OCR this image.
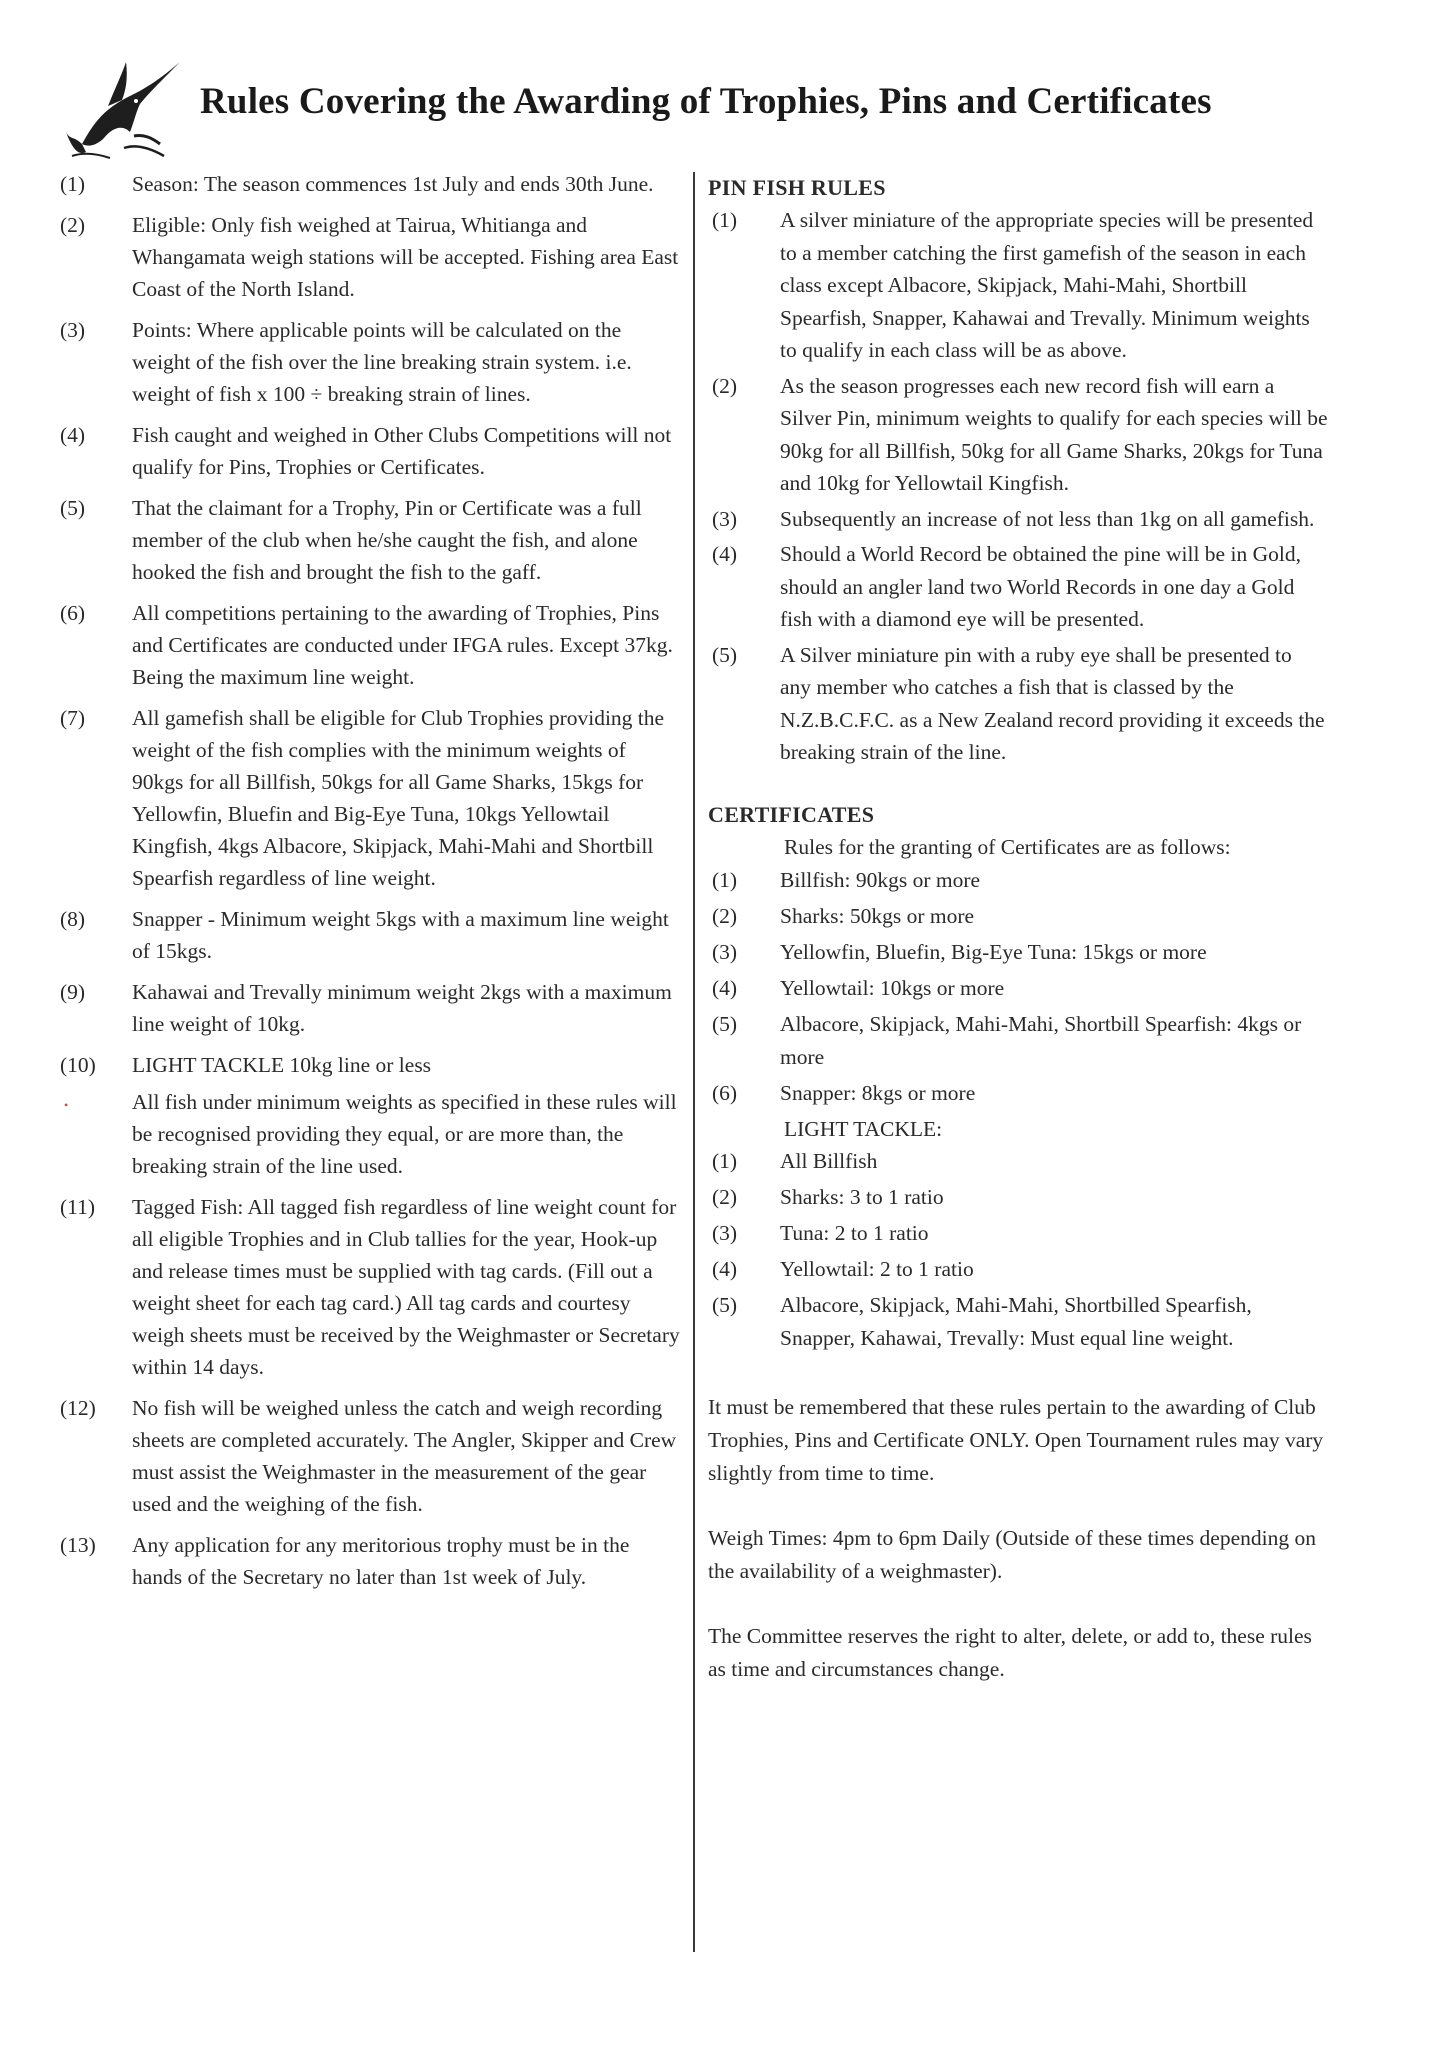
Rules Covering the Awarding of Trophies, Pins and Certificates
(1)	Season: The season commences 1st July and ends 30th June.
(2)	Eligible: Only fish weighed at Tairua, Whitianga and Whangamata weigh stations will be accepted. Fishing area East Coast of the North Island.
(3)	Points: Where applicable points will be calculated on the weight of the fish over the line breaking strain system. i.e. weight of fish x 100 ÷ breaking strain of lines.
(4)	Fish caught and weighed in Other Clubs Competitions will not qualify for Pins, Trophies or Certificates.
(5)	That the claimant for a Trophy, Pin or Certificate was a full member of the club when he/she caught the fish, and alone hooked the fish and brought the fish to the gaff.
(6)	All competitions pertaining to the awarding of Trophies, Pins and Certificates are conducted under IFGA rules. Except 37kg. Being the maximum line weight.
(7)	All gamefish shall be eligible for Club Trophies providing the weight of the fish complies with the minimum weights of 90kgs for all Billfish, 50kgs for all Game Sharks, 15kgs for Yellowfin, Bluefin and Big-Eye Tuna, 10kgs Yellowtail Kingfish, 4kgs Albacore, Skipjack, Mahi-Mahi and Shortbill Spearfish regardless of line weight.
(8)	Snapper - Minimum weight 5kgs with a maximum line weight of 15kgs.
(9)	Kahawai and Trevally minimum weight 2kgs with a maximum line weight of 10kg.
(10)	LIGHT TACKLE 10kg line or less
•	All fish under minimum weights as specified in these rules will be recognised providing they equal, or are more than, the breaking strain of the line used.
(11)	Tagged Fish: All tagged fish regardless of line weight count for all eligible Trophies and in Club tallies for the year, Hook-up and release times must be supplied with tag cards. (Fill out a weight sheet for each tag card.) All tag cards and courtesy weigh sheets must be received by the Weighmaster or Secretary within 14 days.
(12)	No fish will be weighed unless the catch and weigh recording sheets are completed accurately. The Angler, Skipper and Crew must assist the Weighmaster in the measurement of the gear used and the weighing of the fish.
(13)	Any application for any meritorious trophy must be in the hands of the Secretary no later than 1st week of July.
PIN FISH RULES
(1)	A silver miniature of the appropriate species will be presented to a member catching the first gamefish of the season in each class except Albacore, Skipjack, Mahi-Mahi, Shortbill Spearfish, Snapper, Kahawai and Trevally. Minimum weights to qualify in each class will be as above.
(2)	As the season progresses each new record fish will earn a Silver Pin, minimum weights to qualify for each species will be 90kg for all Billfish, 50kg for all Game Sharks, 20kgs for Tuna and 10kg for Yellowtail Kingfish.
(3)	Subsequently an increase of not less than 1kg on all gamefish.
(4)	Should a World Record be obtained the pine will be in Gold, should an angler land two World Records in one day a Gold fish with a diamond eye will be presented.
(5)	A Silver miniature pin with a ruby eye shall be presented to any member who catches a fish that is classed by the N.Z.B.C.F.C. as a New Zealand record providing it exceeds the breaking strain of the line.
CERTIFICATES
Rules for the granting of Certificates are as follows:
(1)	Billfish: 90kgs or more
(2)	Sharks: 50kgs or more
(3)	Yellowfin, Bluefin, Big-Eye Tuna: 15kgs or more
(4)	Yellowtail: 10kgs or more
(5)	Albacore, Skipjack, Mahi-Mahi, Shortbill Spearfish: 4kgs or more
(6)	Snapper: 8kgs or more
LIGHT TACKLE:
(1)	All Billfish
(2)	Sharks: 3 to 1 ratio
(3)	Tuna: 2 to 1 ratio
(4)	Yellowtail: 2 to 1 ratio
(5)	Albacore, Skipjack, Mahi-Mahi, Shortbilled Spearfish, Snapper, Kahawai, Trevally: Must equal line weight.

It must be remembered that these rules pertain to the awarding of Club Trophies, Pins and Certificate ONLY. Open Tournament rules may vary slightly from time to time.

Weigh Times: 4pm to 6pm Daily (Outside of these times depending on the availability of a weighmaster).

The Committee reserves the right to alter, delete, or add to, these rules as time and circumstances change.
